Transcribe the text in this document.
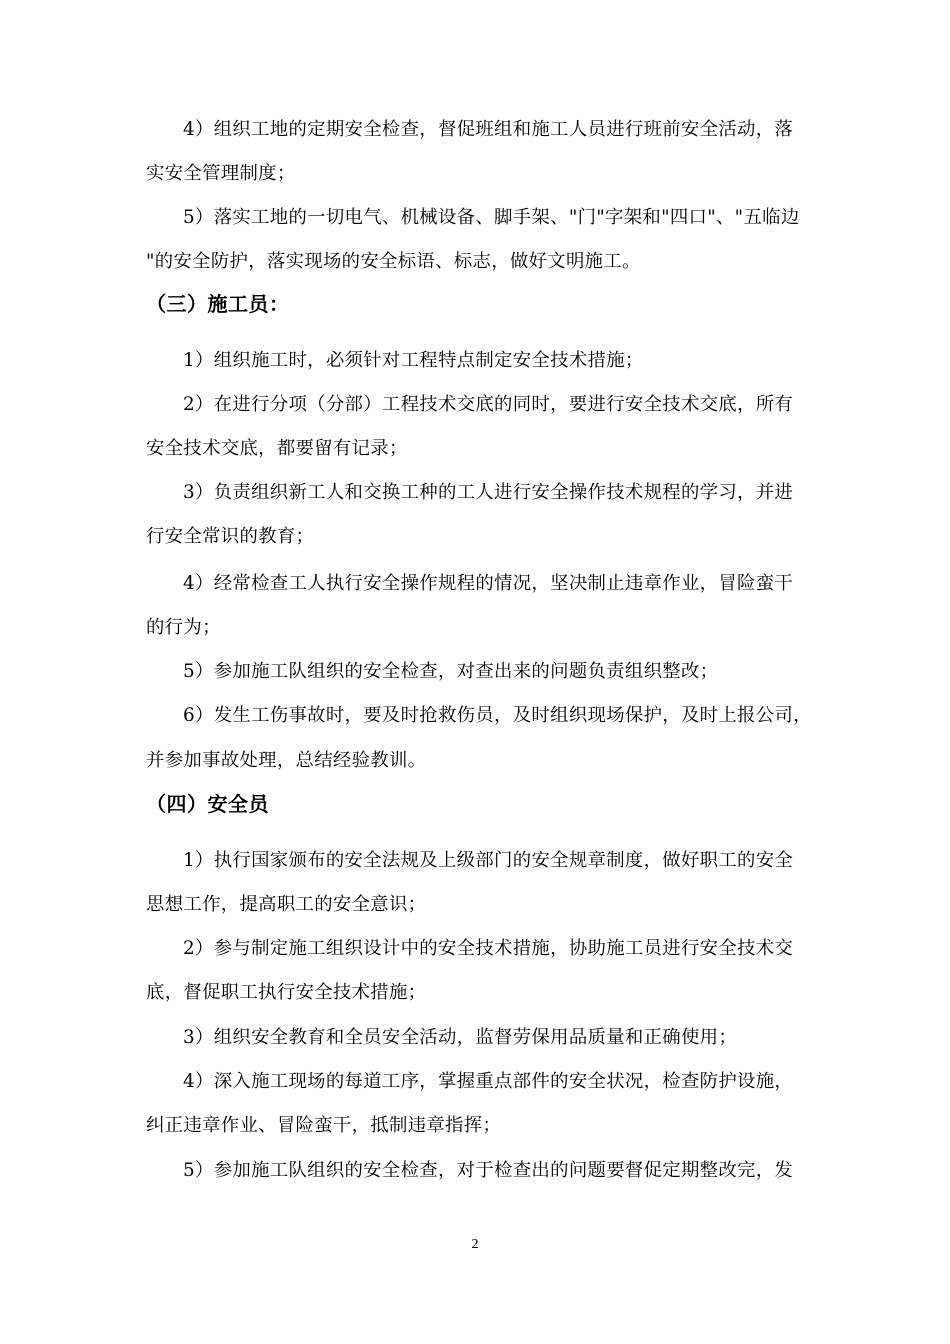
4）组织工地的定期安全检查，督促班组和施工人员进行班前安全活动，落
实安全管理制度；
5）落实工地的一切电气、机械设备、脚手架、"门"字架和"四口"、"五临边
"的安全防护，落实现场的安全标语、标志，做好文明施工。
（三）施工员：
1）组织施工时，必须针对工程特点制定安全技术措施；
2）在进行分项（分部）工程技术交底的同时，要进行安全技术交底，所有
安全技术交底，都要留有记录；
3）负责组织新工人和交换工种的工人进行安全操作技术规程的学习，并进
行安全常识的教育；
4）经常检查工人执行安全操作规程的情况，坚决制止违章作业，冒险蛮干
的行为；
5）参加施工队组织的安全检查，对查出来的问题负责组织整改；
6）发生工伤事故时，要及时抢救伤员，及时组织现场保护，及时上报公司，
并参加事故处理，总结经验教训。
（四）安全员
1）执行国家颁布的安全法规及上级部门的安全规章制度，做好职工的安全
思想工作，提高职工的安全意识；
2）参与制定施工组织设计中的安全技术措施，协助施工员进行安全技术交
底，督促职工执行安全技术措施；
3）组织安全教育和全员安全活动，监督劳保用品质量和正确使用；
4）深入施工现场的每道工序，掌握重点部件的安全状况，检查防护设施，
纠正违章作业、冒险蛮干，抵制违章指挥；
5）参加施工队组织的安全检查，对于检查出的问题要督促定期整改完，发
2
